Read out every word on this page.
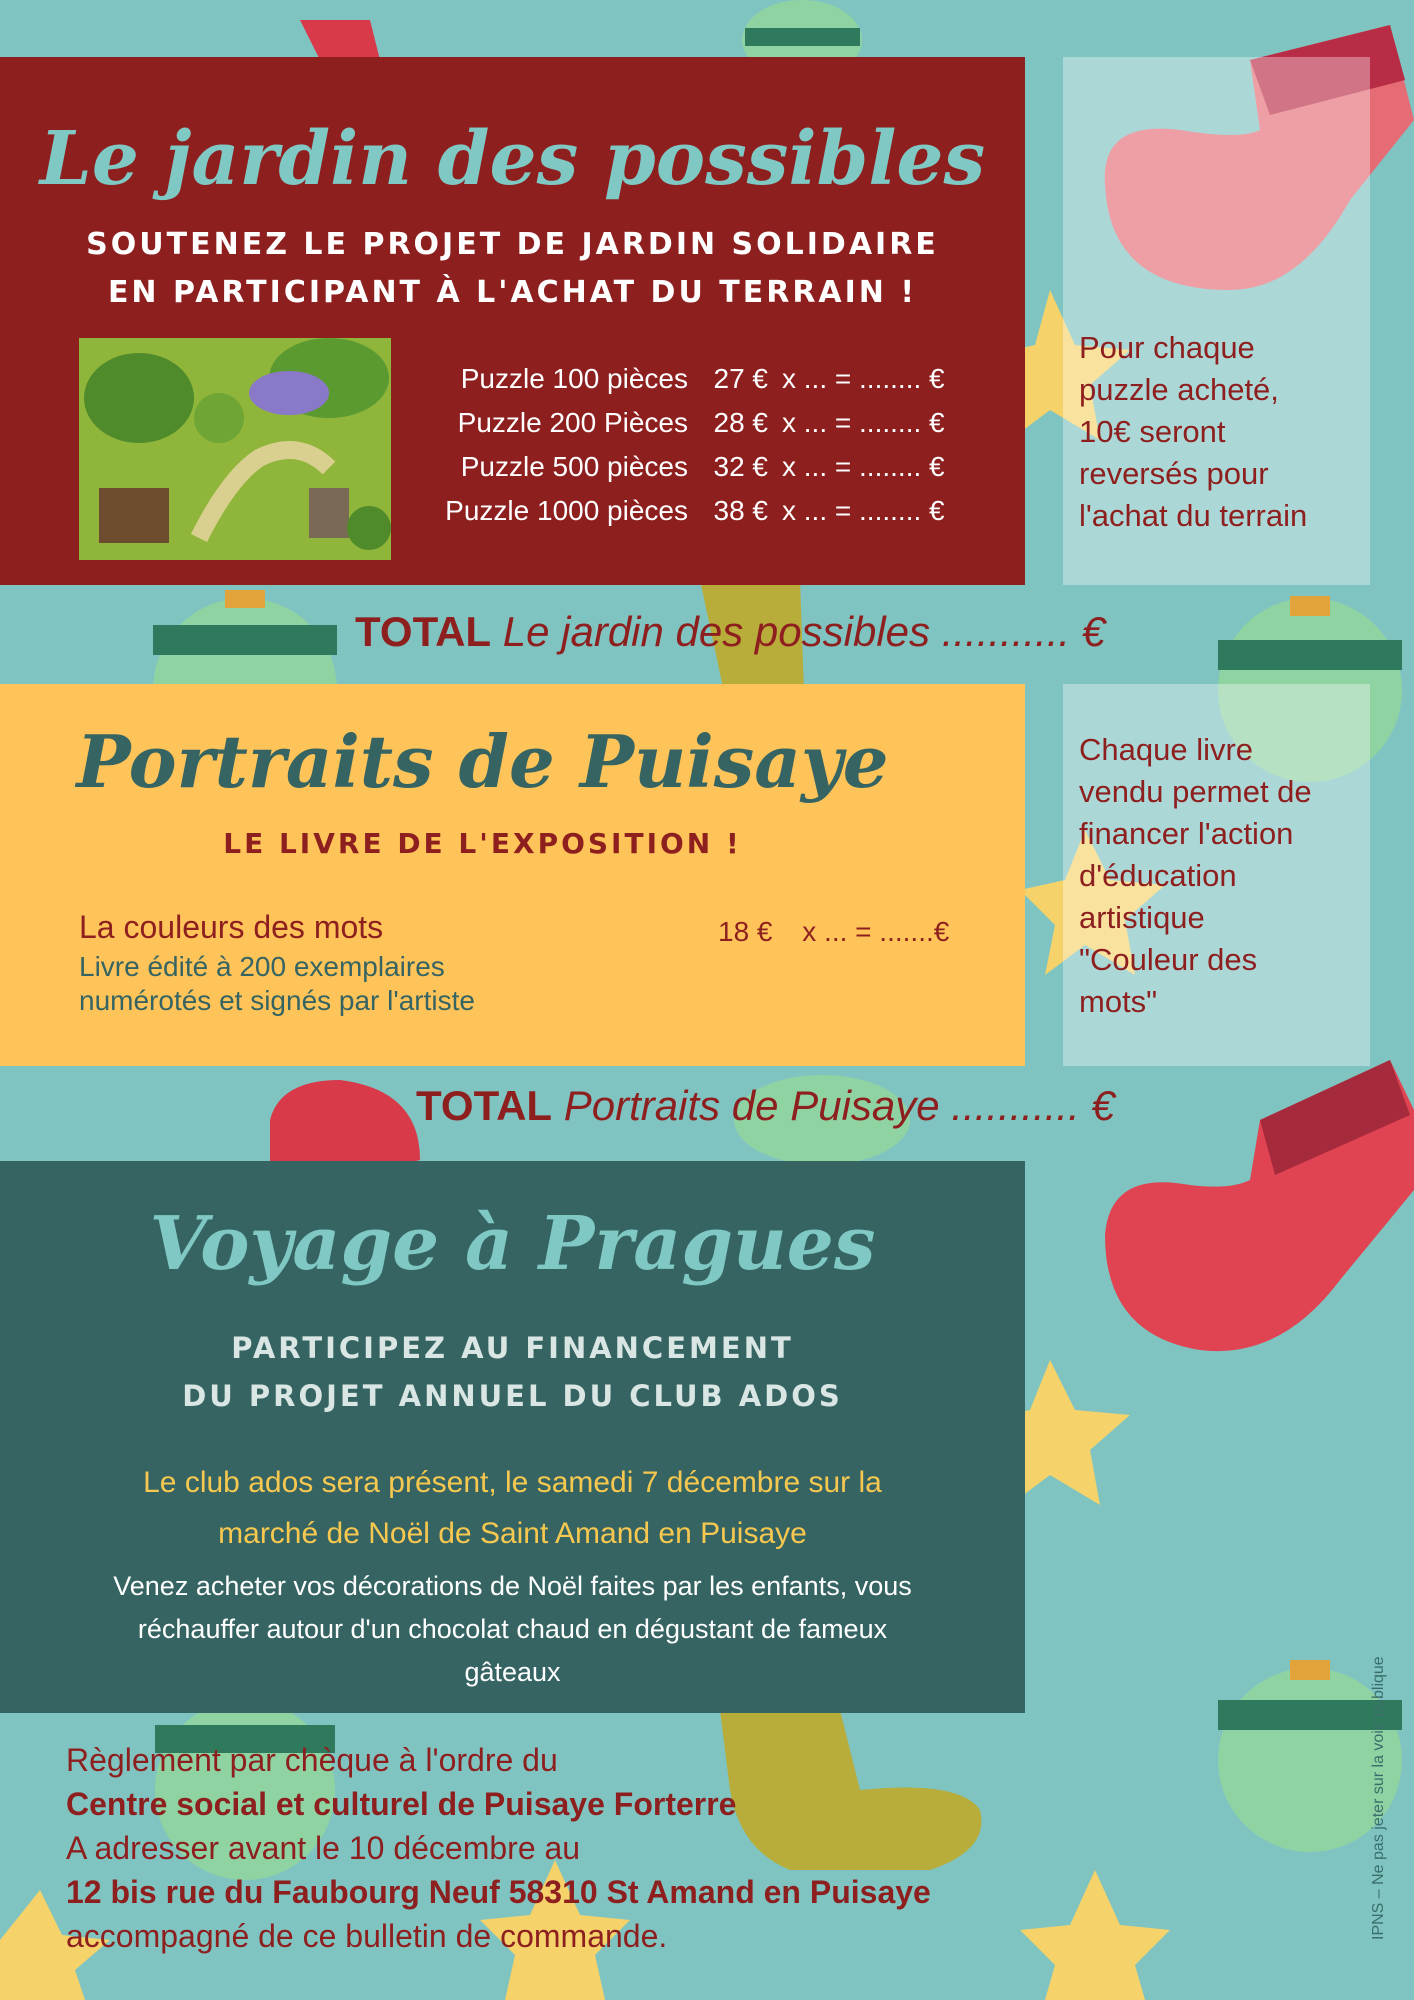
Le jardin des possibles
SOUTENEZ LE PROJET DE JARDIN SOLIDAIRE
EN PARTICIPANT À L'ACHAT DU TERRAIN !
Puzzle 100 pièces 27 € x ... = ........ €
Puzzle 200 Pièces 28 € x ... = ........ €
Puzzle 500 pièces 32 € x ... = ........ €
Puzzle 1000 pièces 38 € x ... = ........ €
Pour chaque
puzzle acheté,
10€ seront
reversés pour
l'achat du terrain
TOTAL Le jardin des possibles ........... €
Portraits de Puisaye
LE LIVRE DE L'EXPOSITION !
La couleurs des mots
Livre édité à 200 exemplaires
numérotés et signés par l'artiste
18 € x ... = .......€
Chaque livre
vendu permet de
financer l'action
d'éducation
artistique
"Couleur des
mots"
TOTAL Portraits de Puisaye ........... €
Voyage à Pragues
PARTICIPEZ AU FINANCEMENT
DU PROJET ANNUEL DU CLUB ADOS
Le club ados sera présent, le samedi 7 décembre sur la
marché de Noël de Saint Amand en Puisaye
Venez acheter vos décorations de Noël faites par les enfants, vous
réchauffer autour d'un chocolat chaud en dégustant de fameux
gâteaux
Règlement par chèque à l'ordre du
Centre social et culturel de Puisaye Forterre
A adresser avant le 10 décembre au
12 bis rue du Faubourg Neuf 58310 St Amand en Puisaye
accompagné de ce bulletin de commande.	IPNS – Ne pas jeter sur la voie publique
